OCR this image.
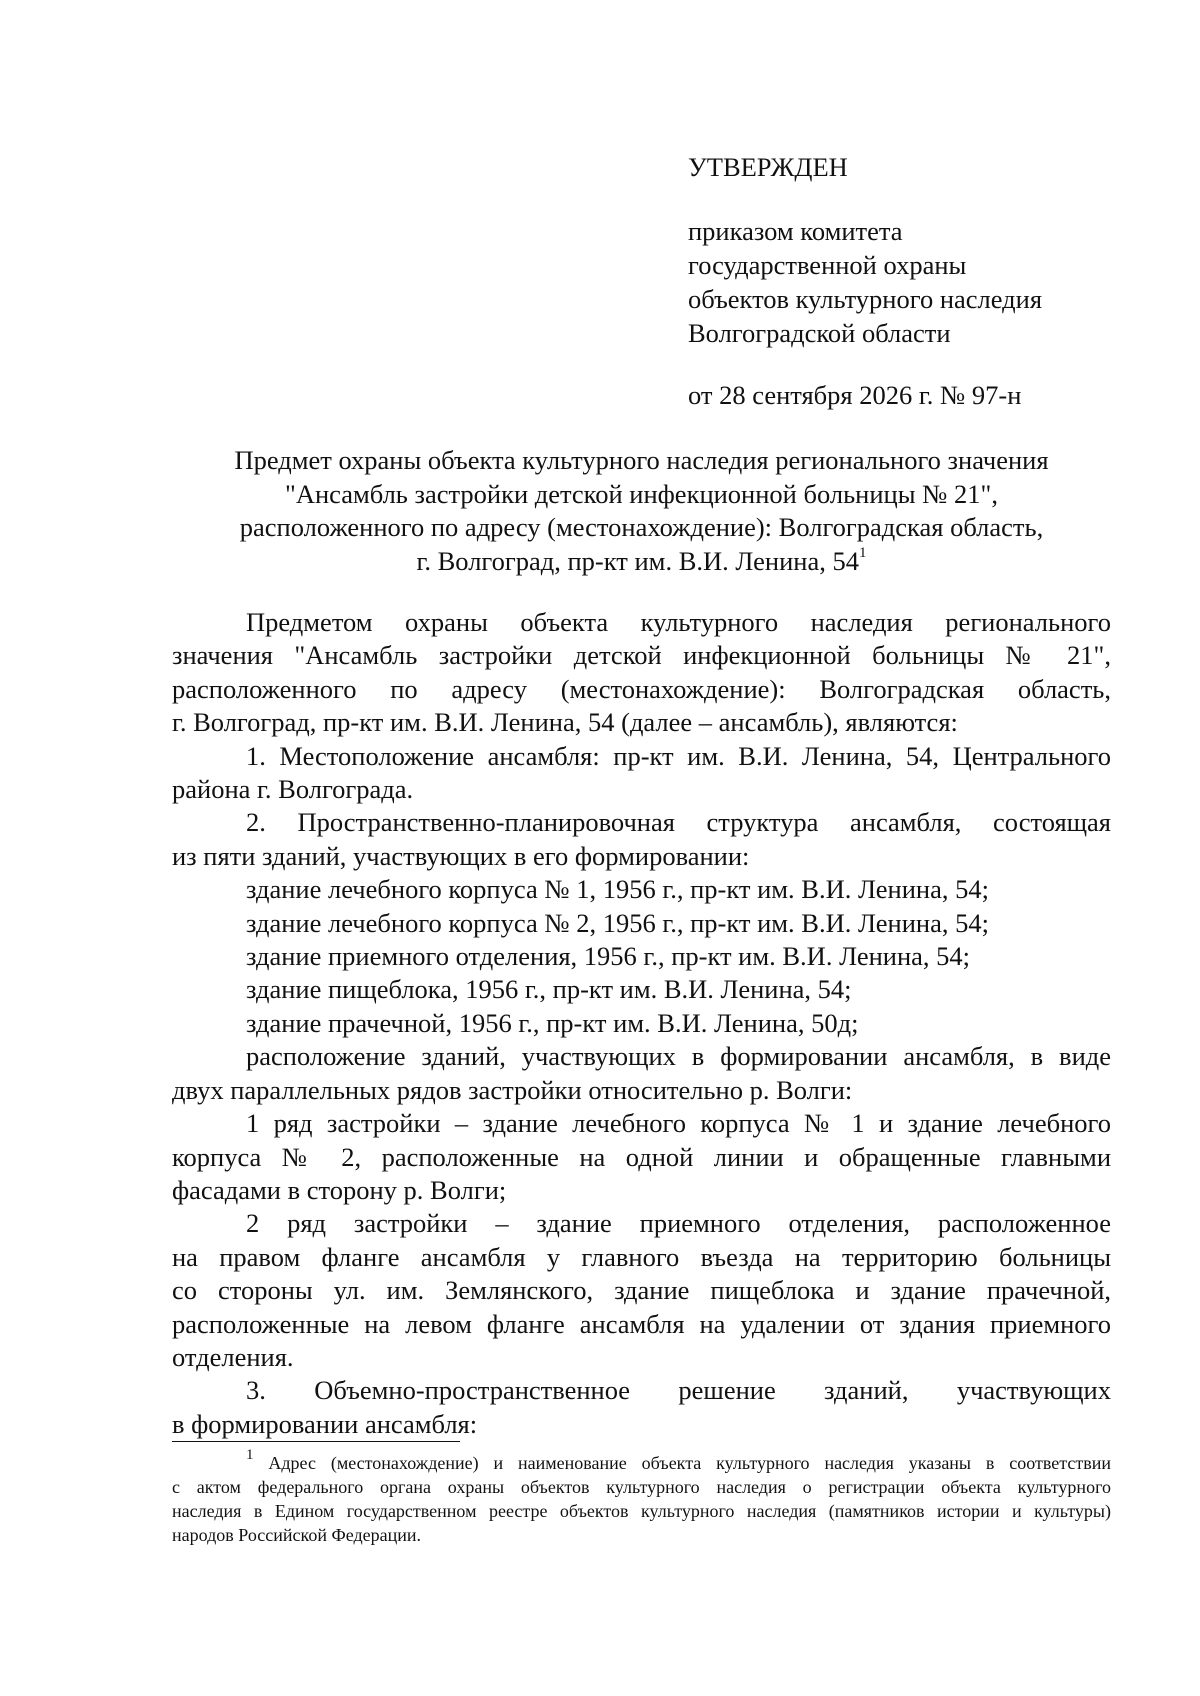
УТВЕРЖДЕН
приказом комитета
государственной охраны
объектов культурного наследия
Волгоградской области
от 28 сентября 2026 г. № 97-н
Предмет охраны объекта культурного наследия регионального значения
"Ансамбль застройки детской инфекционной больницы № 21",
расположенного по адресу (местонахождение): Волгоградская область,
г. Волгоград, пр-кт им. В.И. Ленина, $54^1$
Предметом охраны объекта культурного наследия регионального
значения "Ансамбль застройки детской инфекционной больницы № 21",
расположенного по адресу (местонахождение): Волгоградская область,
г. Волгоград, пр-кт им. В.И. Ленина, 54 (далее – ансамбль), являются:
1. Местоположение ансамбля: пр-кт им. В.И. Ленина, 54, Центрального
района г. Волгограда.
2. Пространственно-планировочная структура ансамбля, состоящая
из пяти зданий, участвующих в его формировании:
здание лечебного корпуса № 1, 1956 г., пр-кт им. В.И. Ленина, 54;
здание лечебного корпуса № 2, 1956 г., пр-кт им. В.И. Ленина, 54;
здание приемного отделения, 1956 г., пр-кт им. В.И. Ленина, 54;
здание пищеблока, 1956 г., пр-кт им. В.И. Ленина, 54;
здание прачечной, 1956 г., пр-кт им. В.И. Ленина, 50д;
расположение зданий, участвующих в формировании ансамбля, в виде
двух параллельных рядов застройки относительно р. Волги:
1 ряд застройки – здание лечебного корпуса № 1 и здание лечебного
корпуса № 2, расположенные на одной линии и обращенные главными
фасадами в сторону р. Волги;
2 ряд застройки – здание приемного отделения, расположенное
на правом фланге ансамбля у главного въезда на территорию больницы
со стороны ул. им. Землянского, здание пищеблока и здание прачечной,
расположенные на левом фланге ансамбля на удалении от здания приемного
отделения.
3. Объемно-пространственное решение зданий, участвующих
в формировании ансамбля:
$^1$ Адрес (местонахождение) и наименование объекта культурного наследия указаны в соответствии
с актом федерального органа охраны объектов культурного наследия о регистрации объекта культурного
наследия в Едином государственном реестре объектов культурного наследия (памятников истории и культуры)
народов Российской Федерации.
